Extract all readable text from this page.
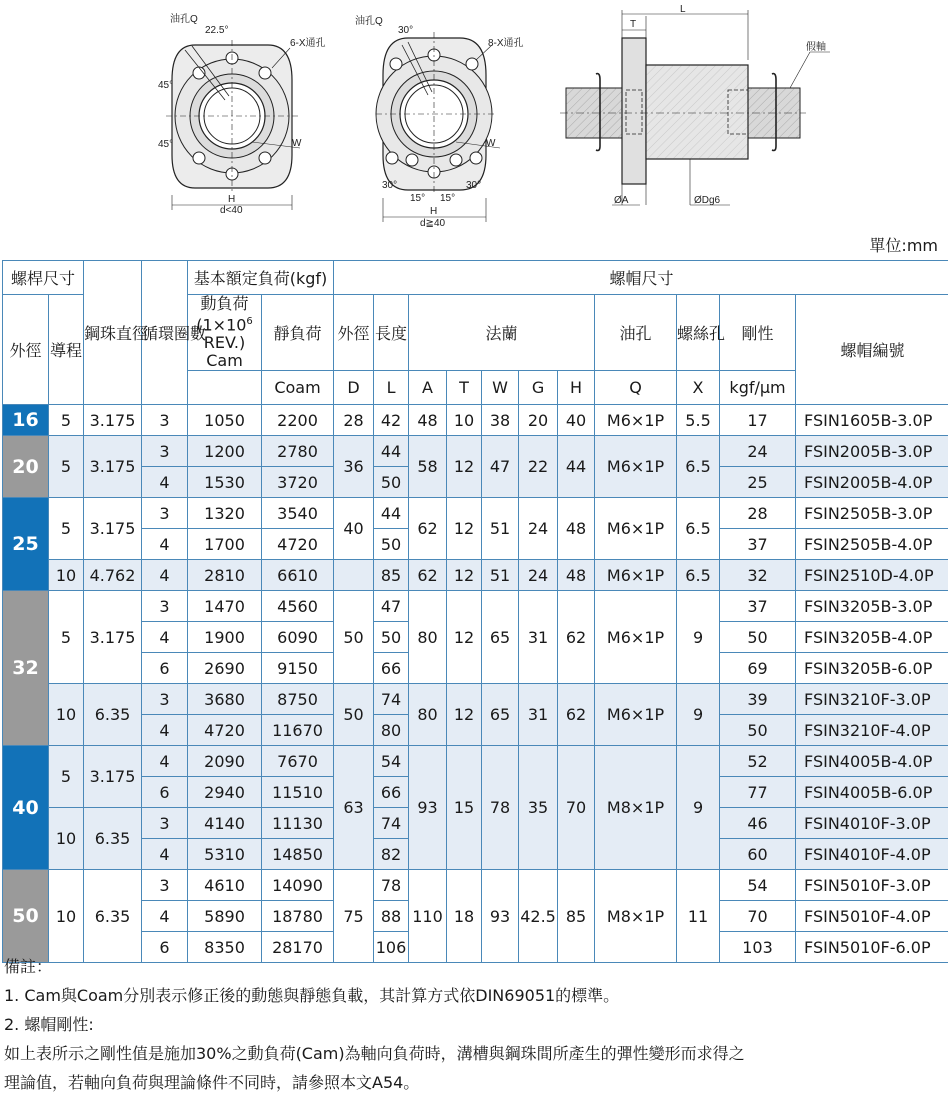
油孔Q
22.5°
6-X通孔
45°
45°	W
H
d<40
油孔Q
30°
8-X通孔
W
30°	30°
15° 15°
H
d≧40
T
L
假軸
ØA	ØDg6
單位:mm
螺桿尺寸		鋼珠直徑	循環圈數	基本額定負荷(kgf)		螺帽尺寸										
外徑	導程			動負荷
($1\times 10^6$
REV.)
Cam	靜負荷	外徑	長度	法蘭					油孔	螺絲孔	剛性	螺帽編號
					Coam	D	L	A	T	W	G	H	Q	X	kgf/μm	
16	5	3.175	3	1050	2200	28	42	48	10	38	20	40	M6×1P	5.5	17	FSIN1605B-3.0P
20	5	3.175	3	1200	2780	36	44	58	12	47	22	44	M6×1P	6.5	24	FSIN2005B-3.0P
			4	1530	3720		50								25	FSIN2005B-4.0P
25	5	3.175	3	1320	3540	40	44	62	12	51	24	48	M6×1P	6.5	28	FSIN2505B-3.0P
			4	1700	4720		50								37	FSIN2505B-4.0P
	10	4.762	4	2810	6610		85	62	12	51	24	48	M6×1P	6.5	32	FSIN2510D-4.0P
32	5	3.175	3	1470	4560	50	47	80	12	65	31	62	M6×1P	9	37	FSIN3205B-3.0P
			4	1900	6090		50								50	FSIN3205B-4.0P
			6	2690	9150		66								69	FSIN3205B-6.0P
	10	6.35	3	3680	8750	50	74	80	12	65	31	62	M6×1P	9	39	FSIN3210F-3.0P
			4	4720	11670		80								50	FSIN3210F-4.0P
40	5	3.175	4	2090	7670	63	54	93	15	78	35	70	M8×1P	9	52	FSIN4005B-4.0P
			6	2940	11510		66								77	FSIN4005B-6.0P
	10	6.35	3	4140	11130		74								46	FSIN4010F-3.0P
			4	5310	14850		82								60	FSIN4010F-4.0P
50	10	6.35	3	4610	14090	75	78	110	18	93	42.5	85	M8×1P	11	54	FSIN5010F-3.0P
			4	5890	18780		88								70	FSIN5010F-4.0P
			6	8350	28170		106								103	FSIN5010F-6.0P
備註：
1. Cam與Coam分別表示修正後的動態與靜態負載，其計算方式依DIN69051的標準。
2. 螺帽剛性:
如上表所示之剛性值是施加30%之動負荷(Cam)為軸向負荷時，溝槽與鋼珠間所產生的彈性變形而求得之
理論值，若軸向負荷與理論條件不同時，請參照本文A54。
